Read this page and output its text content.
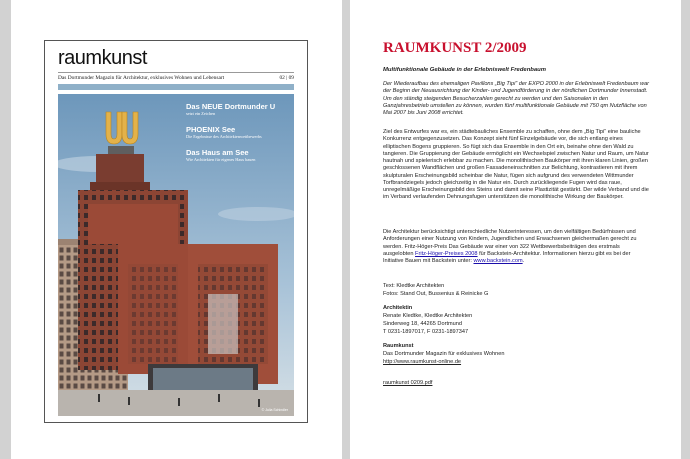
raumkunst
Das Dortmunder Magazin für Architektur, exklusives Wohnen und Lebensart	02 | 09
Das NEUE Dortmunder U
setzt ein Zeichen
PHOENIX See
Die Ergebnisse des Architektenwettbewerbs
Das Haus am See
Wie Architekten für eigenes Haus bauen
© Julia Schindler
RAUMKUNST 2/2009
Multifunktionale Gebäude in der Erlebniswelt Fredenbaum

Der Wiederaufbau des ehemaligen Pavillons „Big Tipi“ der EXPO 2000 in der Erlebniswelt Fredenbaum war der Beginn der Neuausrichtung der Kinder- und Jugendförderung in der nördlichen Dortmunder Innenstadt. Um den ständig steigenden Besucherzahlen gerecht zu werden und den Saisonalen in den Ganzjahresbetrieb umstellen zu können, wurden fünf multifunktionale Gebäude mit 750 qm Nutzfläche von Mai 2007 bis Juni 2008 errichtet.

Ziel des Entwurfes war es, ein städtebauliches Ensemble zu schaffen, ohne dem „Big Tipi“ eine bauliche Konkurrenz entgegenzusetzen. Das Konzept sieht fünf Einzelgebäude vor, die sich entlang eines elliptischen Bogens gruppieren. So fügt sich das Ensemble in den Ort ein, beinahe ohne den Wald zu tangieren. Die Gruppierung der Gebäude ermöglicht ein Wechselspiel zwischen Natur und Raum, um Natur hautnah und spielerisch erlebbar zu machen. Die monolithischen Baukörper mit ihren klaren Linien, großen geschlossenen Wandflächen und großen Fassadeneinschnitten zur Belichtung, kontrastieren mit ihrem skulpturalen Erscheinungsbild scheinbar die Natur, fügen sich aufgrund des verwendeten Wittmunder Torfbrandziegels jedoch gleichzeitig in die Natur ein. Durch zurückliegende Fugen wird das raue, unregelmäßige Erscheinungsbild des Steins und damit seine Plastizität gestärkt. Der wilde Verband und die im Verband verlaufenden Dehnungsfugen unterstützen die monolithische Wirkung der Baukörper.

Die Architektur berücksichtigt unterschiedliche Nutzerinteressen, um den vielfältigen Bedürfnissen und Anforderungen einer Nutzung von Kindern, Jugendlichen und Erwachsenen gleichermaßen gerecht zu werden. Fritz-Höger-Preis Das Gebäude war einer von 322 Wettbewerbsbeiträgen des erstmals ausgelobten Fritz-Höger-Preises 2008 für Backstein-Architektur. Informationen hierzu gibt es bei der Initiative Bauen mit Backstein unter: www.backstein.com.

Text: Kledtke Architekten
Fotos: Stand Out, Bussenius & Reinicke G
Architektin
Renate Kledtke, Kledtke Architekten
Sinderweg 18, 44265 Dortmund
T 0231-1897017, F 0231-1897347
Raumkunst
Das Dortmunder Magazin für exklusives Wohnen
http://www.raumkunst-online.de
raumkunst 0209.pdf
